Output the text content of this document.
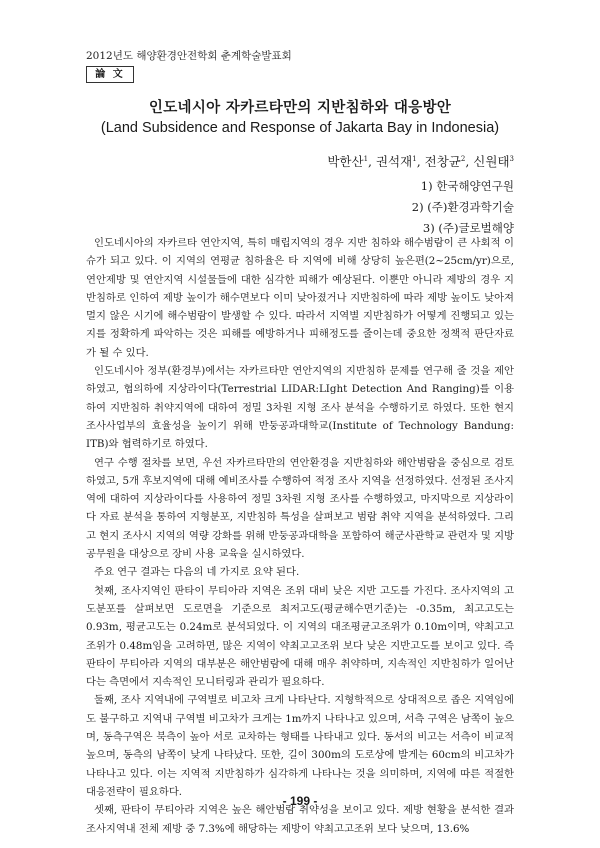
2012년도 해양환경안전학회 춘계학술발표회
論 文
인도네시아 자카르타만의 지반침하와 대응방안
(Land Subsidence and Response of Jakarta Bay in Indonesia)
박한산$^1$, 권석재$^1$, 전창균$^2$, 신원태$^3$
1) 한국해양연구원
2) (주)환경과학기술
3) (주)글로벌해양

인도네시아의 자카르타 연안지역, 특히 매립지역의 경우 지반 침하와 해수범람이 큰 사회적 이슈가 되고 있다. 이 지역의 연평균 침하율은 타 지역에 비해 상당히 높은편(2~25cm/yr)으로, 연안제방 및 연안지역 시설물들에 대한 심각한 피해가 예상된다. 이뿐만 아니라 제방의 경우 지반침하로 인하여 제방 높이가 해수면보다 이미 낮아졌거나 지반침하에 따라 제방 높이도 낮아져 멀지 않은 시기에 해수범람이 발생할 수 있다. 따라서 지역별 지반침하가 어떻게 진행되고 있는지를 정확하게 파악하는 것은 피해를 예방하거나 피해정도를 줄이는데 중요한 정책적 판단자료가 될 수 있다.

인도네시아 정부(환경부)에서는 자카르타만 연안지역의 지반침하 문제를 연구해 줄 것을 제안하였고, 협의하에 지상라이다(Terrestrial LIDAR:LIght Detection And Ranging)를 이용하여 지반침하 취약지역에 대하여 정밀 3차원 지형 조사 분석을 수행하기로 하였다. 또한 현지 조사사업부의 효율성을 높이기 위해 반둥공과대학교(Institute of Technology Bandung: ITB)와 협력하기로 하였다.

연구 수행 절차를 보면, 우선 자카르타만의 연안환경을 지반침하와 해안범람을 중심으로 검토하였고, 5개 후보지역에 대해 예비조사를 수행하여 적정 조사 지역을 선정하였다. 선정된 조사지역에 대하여 지상라이다를 사용하여 정밀 3차원 지형 조사를 수행하였고, 마지막으로 지상라이다 자료 분석을 통하여 지형분포, 지반침하 특성을 살펴보고 범람 취약 지역을 분석하였다. 그리고 현지 조사시 지역의 역량 강화를 위해 반둥공과대학을 포함하여 해군사관학교 관련자 및 지방 공무원을 대상으로 장비 사용 교육을 실시하였다.

주요 연구 결과는 다음의 네 가지로 요약 된다.

첫째, 조사지역인 판타이 무티아라 지역은 조위 대비 낮은 지반 고도를 가진다. 조사지역의 고도분포를 살펴보면 도로면을 기준으로 최저고도(평균해수면기준)는 -0.35m, 최고고도는 0.93m, 평균고도는 0.24m로 분석되었다. 이 지역의 대조평균고조위가 0.10m이며, 약최고고조위가 0.48m임을 고려하면, 많은 지역이 약최고고조위 보다 낮은 지반고도를 보이고 있다. 즉 판타이 무티아라 지역의 대부분은 해안범람에 대해 매우 취약하며, 지속적인 지반침하가 일어난다는 측면에서 지속적인 모니터링과 관리가 필요하다.

둘째, 조사 지역내에 구역별로 비고차 크게 나타난다. 지형학적으로 상대적으로 좁은 지역임에도 불구하고 지역내 구역별 비고차가 크게는 1m까지 나타나고 있으며, 서측 구역은 남쪽이 높으며, 동측구역은 북측이 높아 서로 교차하는 형태를 나타내고 있다. 동서의 비고는 서측이 비교적 높으며, 동측의 남쪽이 낮게 나타났다. 또한, 길이 300m의 도로상에 발게는 60cm의 비고차가 나타나고 있다. 이는 지역적 지반침하가 심각하게 나타나는 것을 의미하며, 지역에 따른 적절한 대응전략이 필요하다.

셋째, 판타이 무티아라 지역은 높은 해안범람 취약성을 보이고 있다. 제방 현황을 분석한 결과 조사지역내 전체 제방 중 7.3%에 해당하는 제방이 약최고고조위 보다 낮으며, 13.6%

- 199 -
